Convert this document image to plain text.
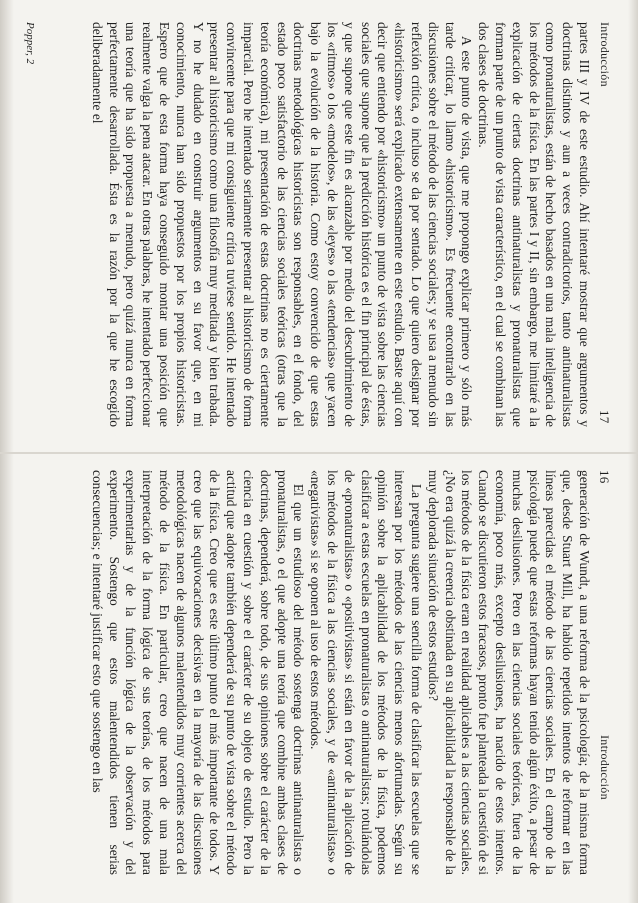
16
Introducción

generación de Wundt, a una reforma de la psicología; de la misma forma que, desde Stuart Mill, ha habido repetidos intentos de reformar en las líneas parecidas el método de las ciencias sociales. En el campo de la psicología puede que estas reformas hayan tenido algún éxito, a pesar de muchas desilusiones. Pero en las ciencias sociales teóricas, fuera de la economía, poco más, excepto desilusiones, ha nacido de estos intentos. Cuando se discutieron estos fracasos, pronto fue planteada la cuestión de si los métodos de la física eran en realidad aplicables a las ciencias sociales. ¿No era quizá la creencia obstinada en su aplicabilidad la responsable de la muy deplorada situación de estos estudios?

La pregunta sugiere una sencilla forma de clasificar las escuelas que se interesan por los métodos de las ciencias menos afortunadas. Según su opinión sobre la aplicabilidad de los métodos de la física, podemos clasificar a estas escuelas en pronaturalistas o antinaturalistas; rotulándolas de «pronaturalistas» o «positivistas» si están en favor de la aplicación de los métodos de la física a las ciencias sociales, y de «antinaturalistas» o «negativistas» si se oponen al uso de estos métodos.

El que un estudioso del método sostenga doctrinas antinaturalistas o pronaturalistas, o el que adopte una teoría que combine ambas clases de doctrinas, dependerá, sobre todo, de sus opiniones sobre el carácter de la ciencia en cuestión y sobre el carácter de su objeto de estudio. Pero la actitud que adopte también dependerá de su punto de vista sobre el método de la física. Creo que es este último punto el más importante de todos. Y creo que las equivocaciones decisivas en la mayoría de las discusiones metodológicas nacen de algunos malentendidos muy corrientes acerca del método de la física. En particular, creo que nacen de una mala interpretación de la forma lógica de sus teorías, de los métodos para experimentarlas y de la función lógica de la observación y del experimento. Sostengo que estos malentendidos tienen serias consecuencias; e intentaré justificar esto que sostengo en las

Introducción
17

partes III y IV de este estudio. Ahí intentaré mostrar que argumentos y doctrinas distintos y aun a veces contradictorios, tanto antinaturalistas como pronaturalistas, están de hecho basados en una mala inteligencia de los métodos de la física. En las partes I y II, sin embargo, me limitaré a la explicación de ciertas doctrinas antinaturalistas y pronaturalistas que forman parte de un punto de vista característico, en el cual se combinan las dos clases de doctrinas.

A este punto de vista, que me propongo explicar primero y sólo más tarde criticar, lo llamo «historicismo». Es frecuente encontrarlo en las discusiones sobre el método de las ciencias sociales; y se usa a menudo sin reflexión crítica, o incluso se da por sentado. Lo que quiero designar por «historicismo» será explicado extensamente en este estudio. Baste aquí con decir que entiendo por «historicismo» un punto de vista sobre las ciencias sociales que supone que la predicción histórica es el fin principal de éstas, y que supone que este fin es alcanzable por medio del descubrimiento de los «ritmos» o los «modelos», de las «leyes» o las «tendencias» que yacen bajo la evolución de la historia. Como estoy convencido de que estas doctrinas metodológicas historicistas son responsables, en el fondo, del estado poco satisfactorio de las ciencias sociales teóricas (otras que la teoría económica), mi presentación de estas doctrinas no es ciertamente imparcial. Pero he intentado seriamente presentar al historicismo de forma convincente para que mi consiguiente crítica tuviese sentido. He intentado presentar al historicismo como una filosofía muy meditada y bien trabada. Y no he dudado en construir argumentos en su favor que, en mi conocimiento, nunca han sido propuestos por los propios historicistas. Espero que de esta forma haya conseguido montar una posición que realmente valga la pena atacar. En otras palabras, he intentado perfeccionar una teoría que ha sido propuesta a menudo, pero quizá nunca en forma perfectamente desarrollada. Ésta es la razón por la que he escogido deliberadamente el

Popper, 2
